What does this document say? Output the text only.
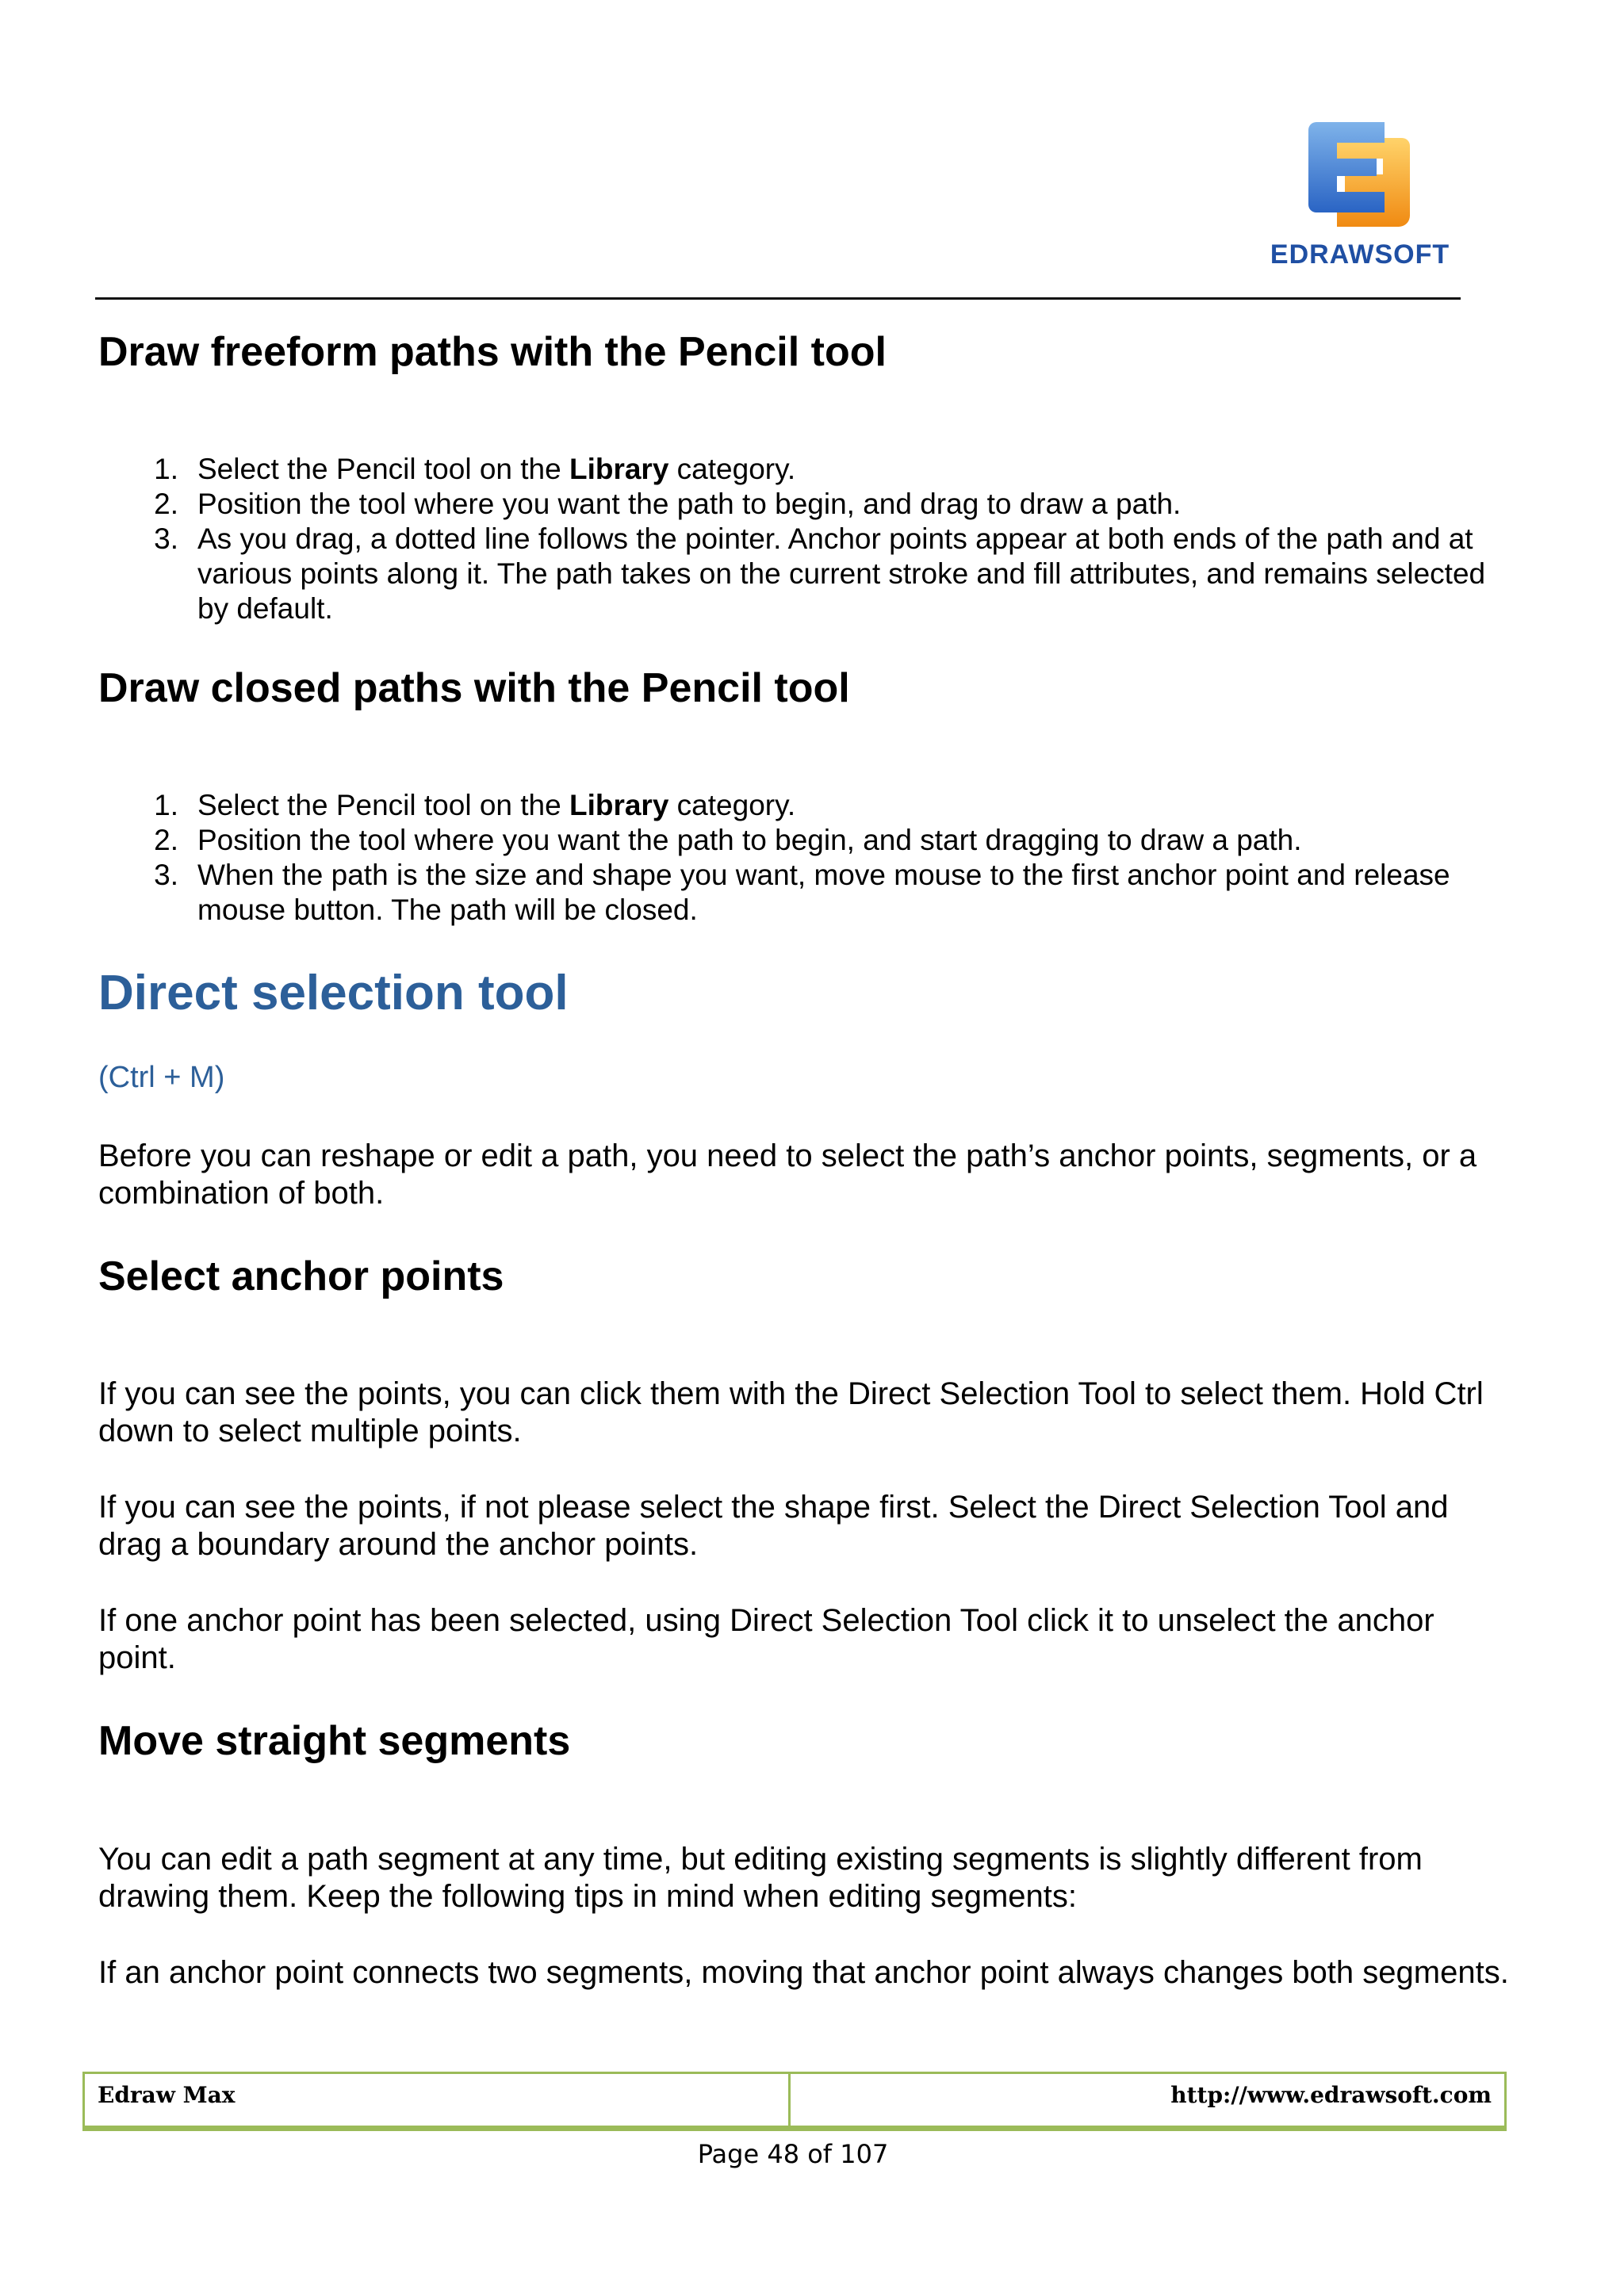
EDRAWSOFT
Draw freeform paths with the Pencil tool
1. Select the Pencil tool on the Library category.
2. Position the tool where you want the path to begin, and drag to draw a path.
3. As you drag, a dotted line follows the pointer. Anchor points appear at both ends of the path and at various points along it. The path takes on the current stroke and fill attributes, and remains selected by default.
Draw closed paths with the Pencil tool
1. Select the Pencil tool on the Library category.
2. Position the tool where you want the path to begin, and start dragging to draw a path.
3. When the path is the size and shape you want, move mouse to the first anchor point and release mouse button. The path will be closed.
Direct selection tool
(Ctrl + M)

Before you can reshape or edit a path, you need to select the path’s anchor points, segments, or a combination of both.

Select anchor points

If you can see the points, you can click them with the Direct Selection Tool to select them. Hold Ctrl down to select multiple points.

If you can see the points, if not please select the shape first. Select the Direct Selection Tool and drag a boundary around the anchor points.

If one anchor point has been selected, using Direct Selection Tool click it to unselect the anchor point.

Move straight segments

You can edit a path segment at any time, but editing existing segments is slightly different from drawing them. Keep the following tips in mind when editing segments:

If an anchor point connects two segments, moving that anchor point always changes both segments.

Edraw Max	http://www.edrawsoft.com
Page 48 of 107
